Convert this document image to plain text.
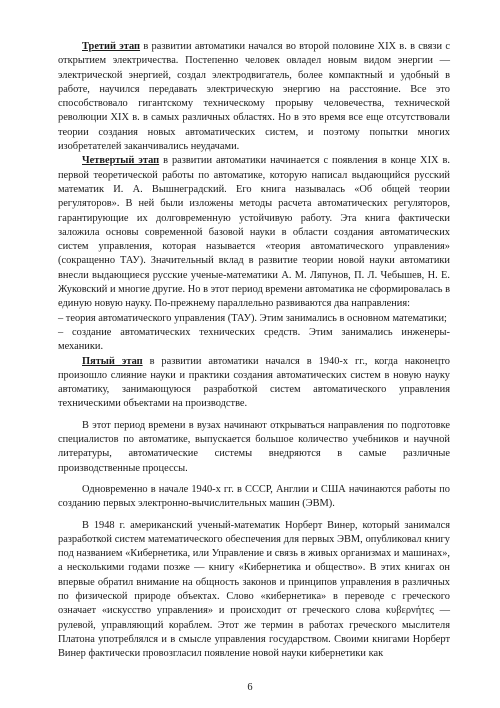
Третий этап в развитии автоматики начался во второй половине XIX в. в связи с открытием электричества. Постепенно человек овладел новым видом энергии — электрической энергией, создал электродвигатель, более компактный и удобный в работе, научился передавать электрическую энергию на расстояние. Все это способствовало гигантскому техническому прорыву человечества, технической революции XIX в. в самых различных областях. Но в это время все еще отсутствовали теории создания новых автоматических систем, и поэтому попытки многих изобретателей заканчивались неудачами.

Четвертый этап в развитии автоматики начинается с появления в конце XIX в. первой теоретической работы по автоматике, которую написал выдающийся русский математик И. А. Вышнеградский. Его книга называлась «Об общей теории регуляторов». В ней были изложены методы расчета автоматических регуляторов, гарантирующие их долговременную устойчивую работу. Эта книга фактически заложила основы современной базовой науки в области создания автоматических систем управления, которая называется «теория автоматического управления» (сокращенно ТАУ). Значительный вклад в развитие теории новой науки автоматики внесли выдающиеся русские ученые-математики А. М. Ляпунов, П. Л. Чебышев, Н. Е. Жуковский и многие другие. Но в этот период времени автоматика не сформировалась в единую новую науку. По-прежнему параллельно развиваются два направления:

– теория автоматического управления (ТАУ). Этим занимались в основном математики;

– создание автоматических технических средств. Этим занимались инженеры-механики.

Пятый этап в развитии автоматики начался в 1940-х гг., когда наконецто произошло слияние науки и практики создания автоматических систем в новую науку автоматику, занимающуюся разработкой систем автоматического управления техническими объектами на производстве.

В этот период времени в вузах начинают открываться направления по подготовке специалистов по автоматике, выпускается большое количество учебников и научной литературы, автоматические системы внедряются в самые различные производственные процессы.

Одновременно в начале 1940-х гг. в СССР, Англии и США начинаются работы по созданию первых электронно-вычислительных машин (ЭВМ).

В 1948 г. американский ученый-математик Норберт Винер, который занимался разработкой систем математического обеспечения для первых ЭВМ, опубликовал книгу под названием «Кибернетика, или Управление и связь в живых организмах и машинах», а несколькими годами позже — книгу «Кибернетика и общество». В этих книгах он впервые обратил внимание на общность законов и принципов управления в различных по физической природе объектах. Слово «кибернетика» в переводе с греческого означает «искусство управления» и происходит от греческого слова κυβερνήτες — рулевой, управляющий кораблем. Этот же термин в работах греческого мыслителя Платона употреблялся и в смысле управления государством. Своими книгами Норберт Винер фактически провозгласил появление новой науки кибернетики как

6
